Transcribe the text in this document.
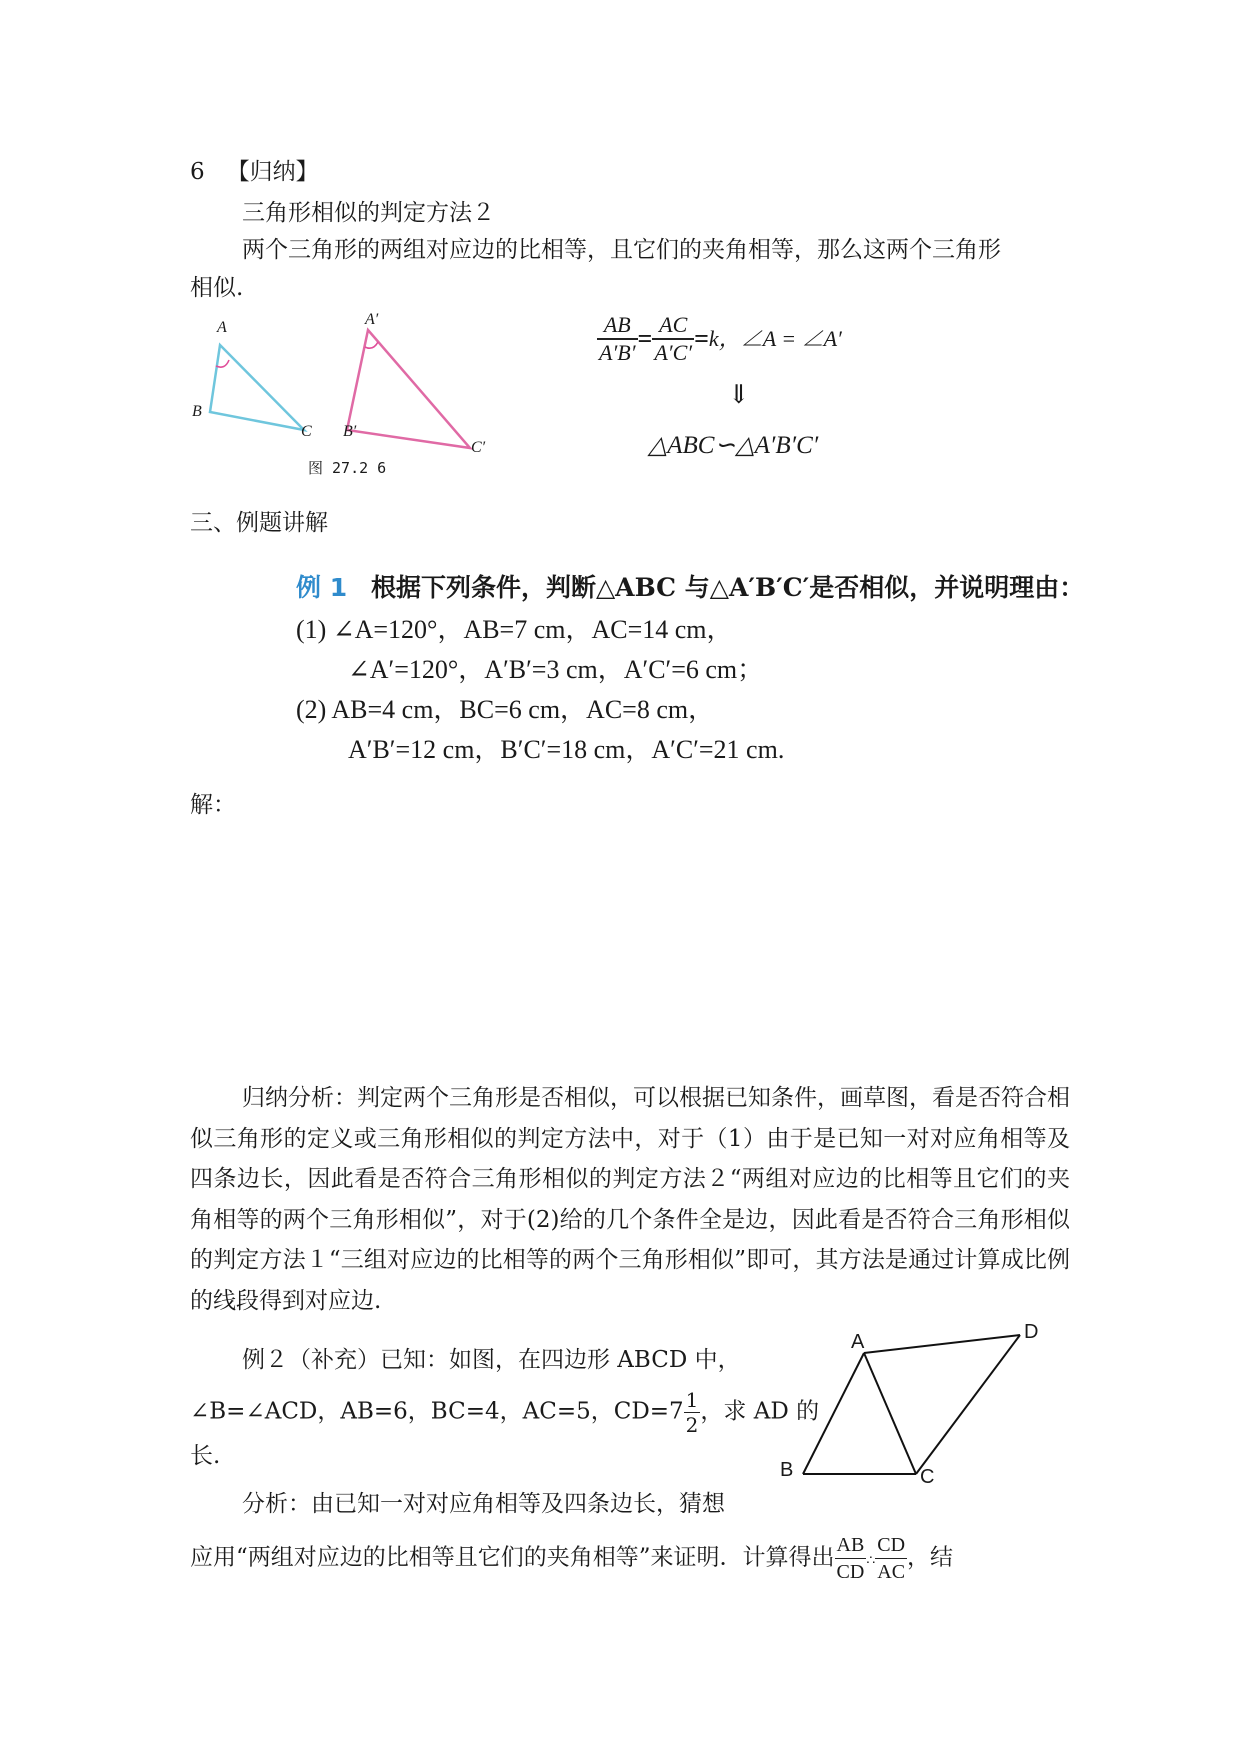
6 【归纳】
三角形相似的判定方法２
两个三角形的两组对应边的比相等，且它们的夹角相等，那么这两个三角形
相似.
A
B
C
A′
B′
C′
图 27.2 6
$\frac{AB}{A'B'} = \frac{AC}{A'C'} =k$，∠A = ∠A′
⇓
△ABC∽△A′B′C′
三、例题讲解
例 1 根据下列条件，判断△ABC 与△A′B′C′是否相似，并说明理由：
(1) ∠A=120°，AB=7 cm，AC=14 cm，
∠A′=120°，A′B′=3 cm，A′C′=6 cm；
(2) AB=4 cm，BC=6 cm，AC=8 cm，
A′B′=12 cm，B′C′=18 cm，A′C′=21 cm.
解：
归纳分析：判定两个三角形是否相似，可以根据已知条件，画草图，看是否符合相似三角形的定义或三角形相似的判定方法中，对于（1）由于是已知一对对应角相等及四条边长，因此看是否符合三角形相似的判定方法２“两组对应边的比相等且它们的夹角相等的两个三角形相似”，对于(2)给的几个条件全是边，因此看是否符合三角形相似的判定方法１“三组对应边的比相等的两个三角形相似”即可，其方法是通过计算成比例的线段得到对应边.
例２（补充）已知：如图，在四边形 ABCD 中，
∠B=∠ACD，AB=6，BC=4，AC=5，$CD=7 \frac{1}{2}$ ，求 AD 的
长.
分析：由已知一对对应角相等及四条边长，猜想
应用“两组对应边的比相等且它们的夹角相等”来证明．计算得出 $\frac{AB}{CD}$ ∴ $\frac{CD}{AC}$ ，结
A
B	C
D
